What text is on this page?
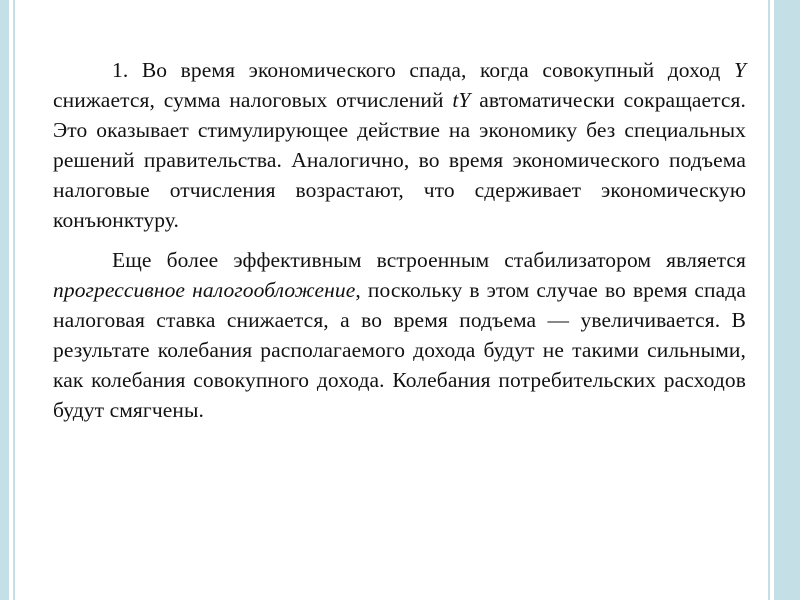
1. Во время экономического спада, когда совокупный доход Y снижается, сумма налоговых отчислений tY автоматически сокращается. Это оказывает стимулирующее действие на экономику без специальных решений правительства. Аналогично, во время экономического подъема налоговые отчисления возрастают, что сдерживает экономическую конъюнктуру.

Еще более эффективным встроенным стабилизатором является прогрессивное налогообложение, поскольку в этом случае во время спада налоговая ставка снижается, а во время подъема — увеличивается. В результате колебания располагаемого дохода будут не такими сильными, как колебания совокупного дохода. Колебания потребительских расходов будут смягчены.
